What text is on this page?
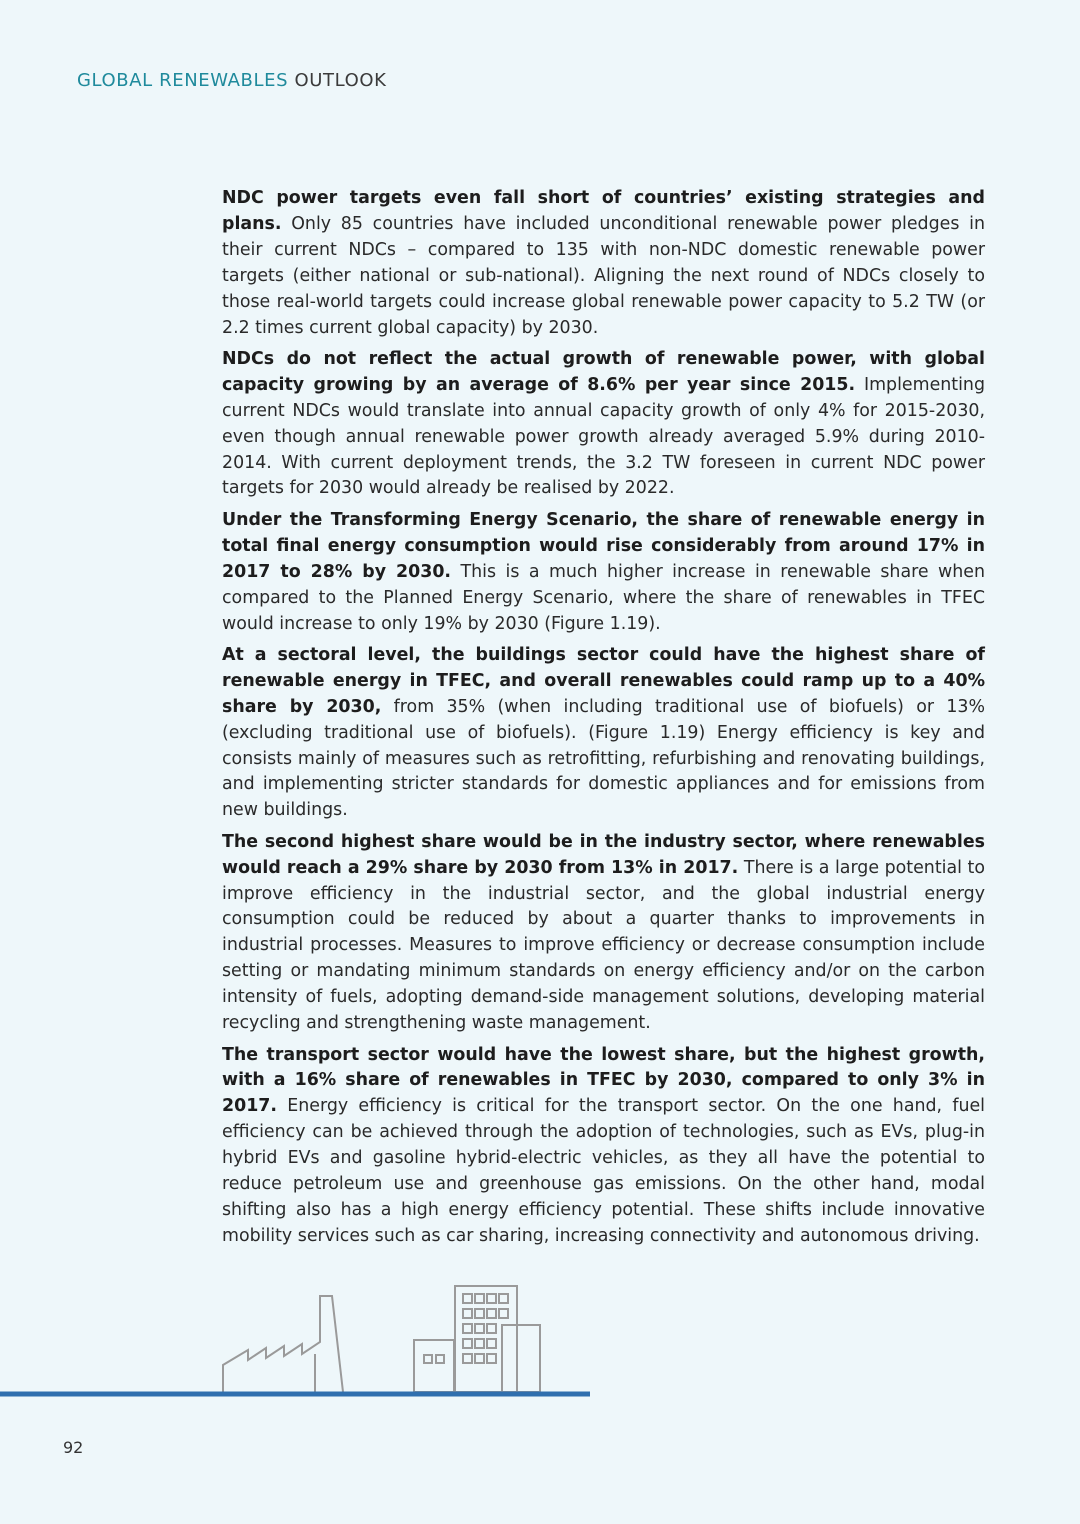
GLOBAL RENEWABLES OUTLOOK

NDC power targets even fall short of countries’ existing strategies and plans. Only 85 countries have included unconditional renewable power pledges in their current NDCs – compared to 135 with non-NDC domestic renewable power targets (either national or sub-national). Aligning the next round of NDCs closely to those real-world targets could increase global renewable power capacity to 5.2 TW (or 2.2 times current global capacity) by 2030.

NDCs do not reflect the actual growth of renewable power, with global capacity growing by an average of 8.6% per year since 2015. Implementing current NDCs would translate into annual capacity growth of only 4% for 2015-2030, even though annual renewable power growth already averaged 5.9% during 2010-2014. With current deployment trends, the 3.2 TW foreseen in current NDC power targets for 2030 would already be realised by 2022.

Under the Transforming Energy Scenario, the share of renewable energy in total final energy consumption would rise considerably from around 17% in 2017 to 28% by 2030. This is a much higher increase in renewable share when compared to the Planned Energy Scenario, where the share of renewables in TFEC would increase to only 19% by 2030 (Figure 1.19).

At a sectoral level, the buildings sector could have the highest share of renewable energy in TFEC, and overall renewables could ramp up to a 40% share by 2030, from 35% (when including traditional use of biofuels) or 13% (excluding traditional use of biofuels). (Figure 1.19) Energy efficiency is key and consists mainly of measures such as retrofitting, refurbishing and renovating buildings, and implementing stricter standards for domestic appliances and for emissions from new buildings.

The second highest share would be in the industry sector, where renewables would reach a 29% share by 2030 from 13% in 2017. There is a large potential to improve efficiency in the industrial sector, and the global industrial energy consumption could be reduced by about a quarter thanks to improvements in industrial processes. Measures to improve efficiency or decrease consumption include setting or mandating minimum standards on energy efficiency and/or on the carbon intensity of fuels, adopting demand-side management solutions, developing material recycling and strengthening waste management.

The transport sector would have the lowest share, but the highest growth, with a 16% share of renewables in TFEC by 2030, compared to only 3% in 2017. Energy efficiency is critical for the transport sector. On the one hand, fuel efficiency can be achieved through the adoption of technologies, such as EVs, plug-in hybrid EVs and gasoline hybrid-electric vehicles, as they all have the potential to reduce petroleum use and greenhouse gas emissions. On the other hand, modal shifting also has a high energy efficiency potential. These shifts include innovative mobility services such as car sharing, increasing connectivity and autonomous driving.

92
